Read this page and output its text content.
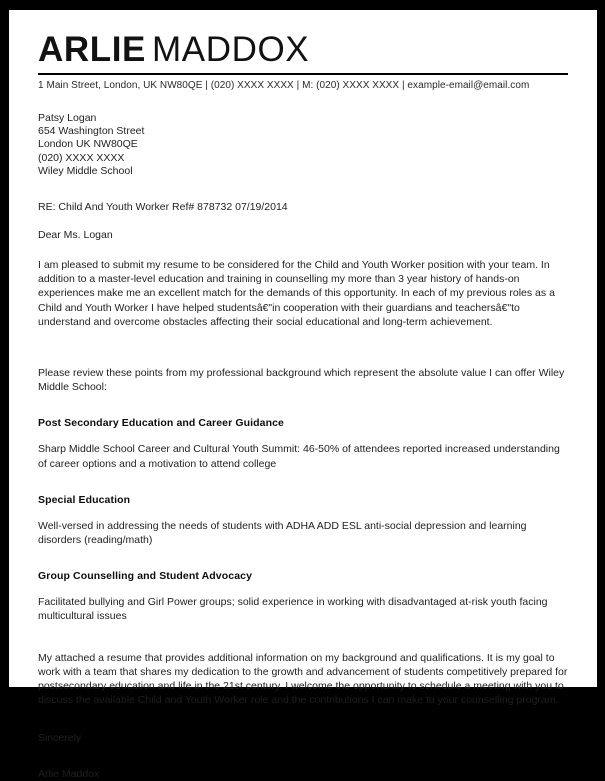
ARLIE MADDOX
1 Main Street, London, UK NW80QE | (020) XXXX XXXX | M: (020) XXXX XXXX | example-email@email.com
Patsy Logan
654 Washington Street
London UK NW80QE
(020) XXXX XXXX
Wiley Middle School
RE: Child And Youth Worker Ref# 878732 07/19/2014
Dear Ms. Logan

I am pleased to submit my resume to be considered for the Child and Youth Worker position with your team. In addition to a master-level education and training in counselling my more than 3 year history of hands-on experiences make me an excellent match for the demands of this opportunity. In each of my previous roles as a Child and Youth Worker I have helped studentsâ€"in cooperation with their guardians and teachersâ€"to understand and overcome obstacles affecting their social educational and long-term achievement.

Please review these points from my professional background which represent the absolute value I can offer Wiley Middle School:

Post Secondary Education and Career Guidance

Sharp Middle School Career and Cultural Youth Summit: 46-50% of attendees reported increased understanding of career options and a motivation to attend college

Special Education

Well-versed in addressing the needs of students with ADHA ADD ESL anti-social depression and learning disorders (reading/math)

Group Counselling and Student Advocacy

Facilitated bullying and Girl Power groups; solid experience in working with disadvantaged at-risk youth facing multicultural issues

My attached a resume that provides additional information on my background and qualifications. It is my goal to work with a team that shares my dedication to the growth and advancement of students competitively prepared for postsecondary education and life in the 21st century. I welcome the opportunity to schedule a meeting with you to discuss the available Child and Youth Worker role and the contributions I can make to your counselling program.

Sincerely
Arlie Maddox
